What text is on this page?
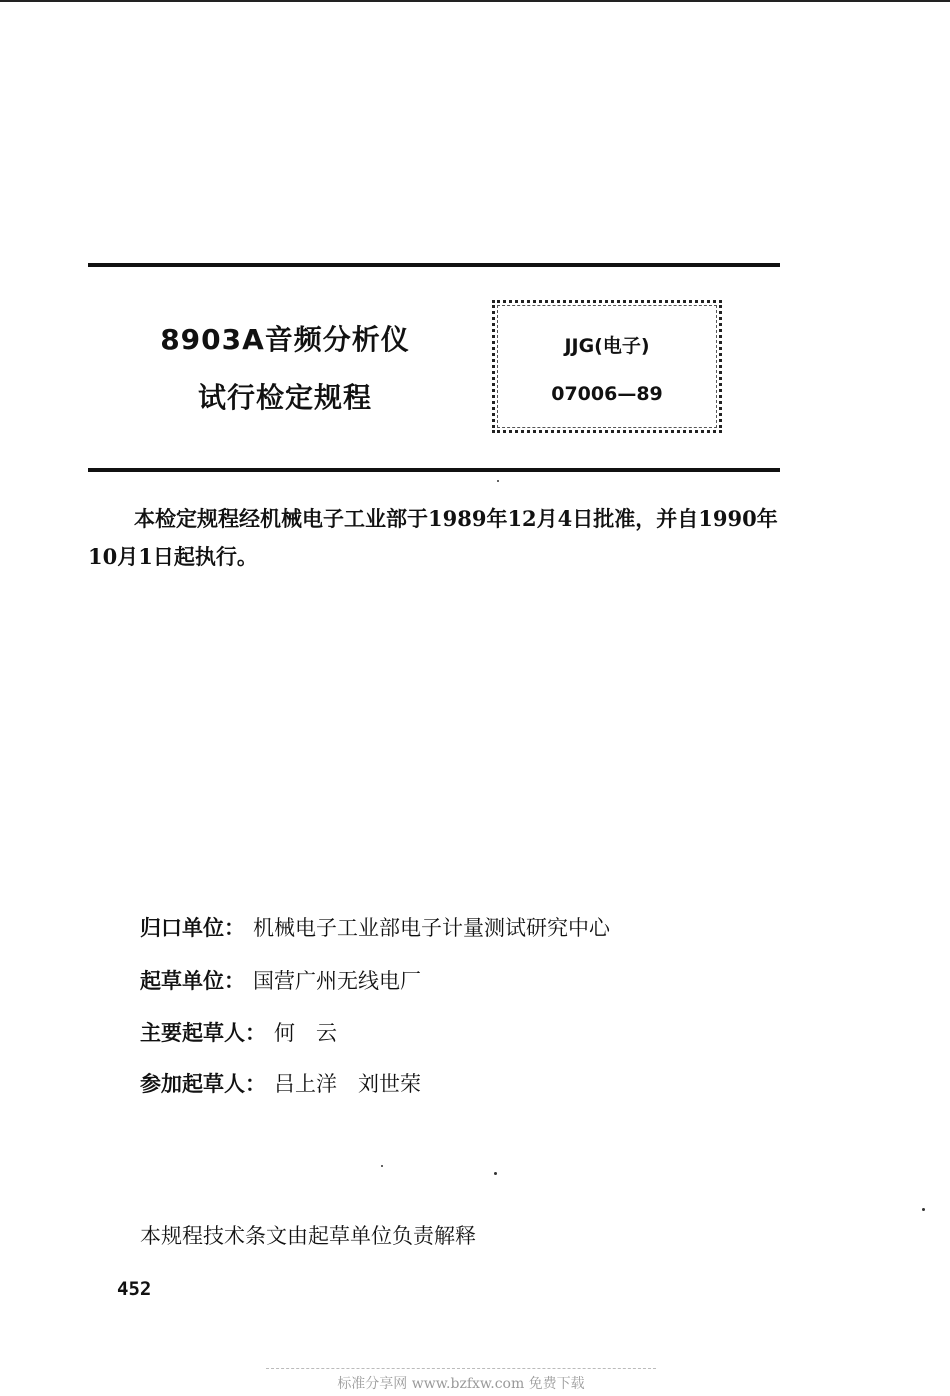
8903A音频分析仪
试行检定规程
JJG(电子)
07006—89
本检定规程经机械电子工业部于1989年12月4日批准，并自1990年10月1日起执行。
归口单位： 机械电子工业部电子计量测试研究中心
起草单位： 国营广州无线电厂
主要起草人： 何　云
参加起草人： 吕上洋　刘世荣
本规程技术条文由起草单位负责解释
452
标准分享网 www.bzfxw.com 免费下载
